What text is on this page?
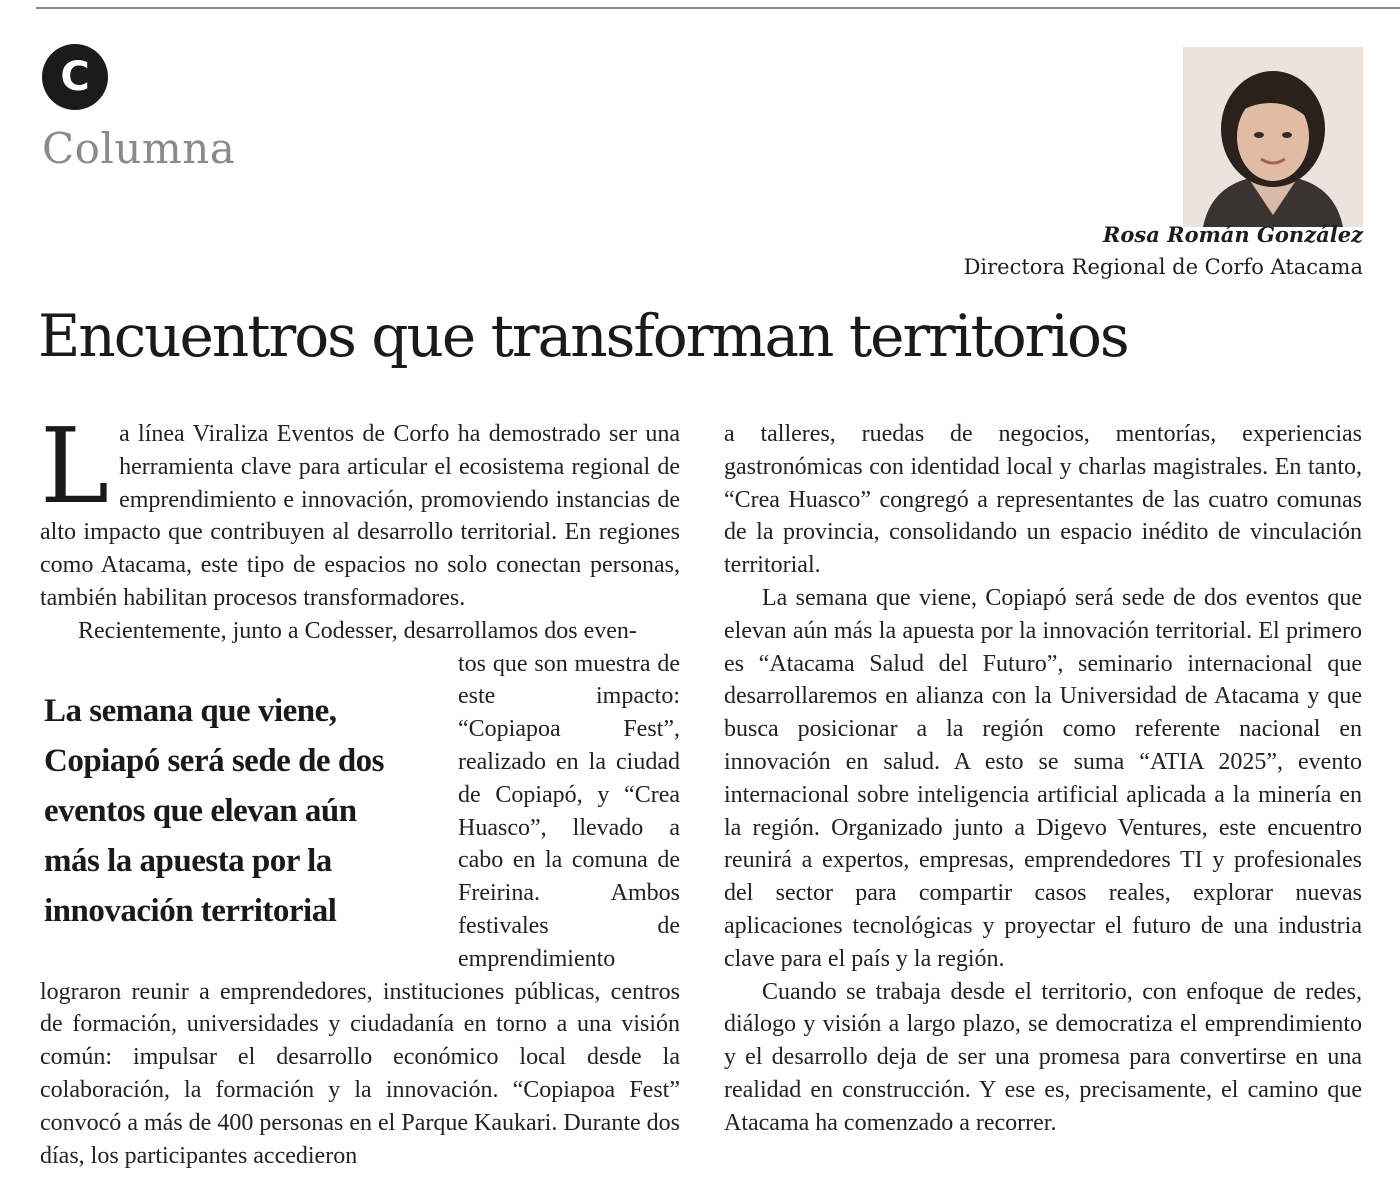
C
Columna
Rosa Román González
Directora Regional de Corfo Atacama
Encuentros que transforman territorios

La línea Viraliza Eventos de Corfo ha demostrado ser una herramienta clave para articular el ecosistema regional de emprendimiento e innovación, promoviendo instancias de alto impacto que contribuyen al desarrollo territorial. En regiones como Atacama, este tipo de espacios no solo conectan personas, también habilitan procesos transformadores.

Recientemente, junto a Codesser, desarrollamos dos even-

tos que son muestra de este impacto: “Copiapoa Fest”, realizado en la ciudad de Copiapó, y “Crea Huasco”, llevado a cabo en la comuna de Freirina. Ambos festivales de emprendimiento lograron reunir a emprendedores, instituciones públicas, centros de formación, universidades y ciudadanía en torno a una visión común: impulsar el desarrollo económico local desde la colaboración, la formación y la innovación. “Copiapoa Fest” convocó a más de 400 personas en el Parque Kaukari. Durante dos días, los participantes accedieron

La semana que viene, Copiapó será sede de dos eventos que elevan aún más la apuesta por la innovación territorial

a talleres, ruedas de negocios, mentorías, experiencias gastronómicas con identidad local y charlas magistrales. En tanto, “Crea Huasco” congregó a representantes de las cuatro comunas de la provincia, consolidando un espacio inédito de vinculación territorial.

La semana que viene, Copiapó será sede de dos eventos que elevan aún más la apuesta por la innovación territorial. El primero es “Atacama Salud del Futuro”, seminario internacional que desarrollaremos en alianza con la Universidad de Atacama y que busca posicionar a la región como referente nacional en innovación en salud. A esto se suma “ATIA 2025”, evento internacional sobre inteligencia artificial aplicada a la minería en la región. Organizado junto a Digevo Ventures, este encuentro reunirá a expertos, empresas, emprendedores TI y profesionales del sector para compartir casos reales, explorar nuevas aplicaciones tecnológicas y proyectar el futuro de una industria clave para el país y la región.

Cuando se trabaja desde el territorio, con enfoque de redes, diálogo y visión a largo plazo, se democratiza el emprendimiento y el desarrollo deja de ser una promesa para convertirse en una realidad en construcción. Y ese es, precisamente, el camino que Atacama ha comenzado a recorrer.
